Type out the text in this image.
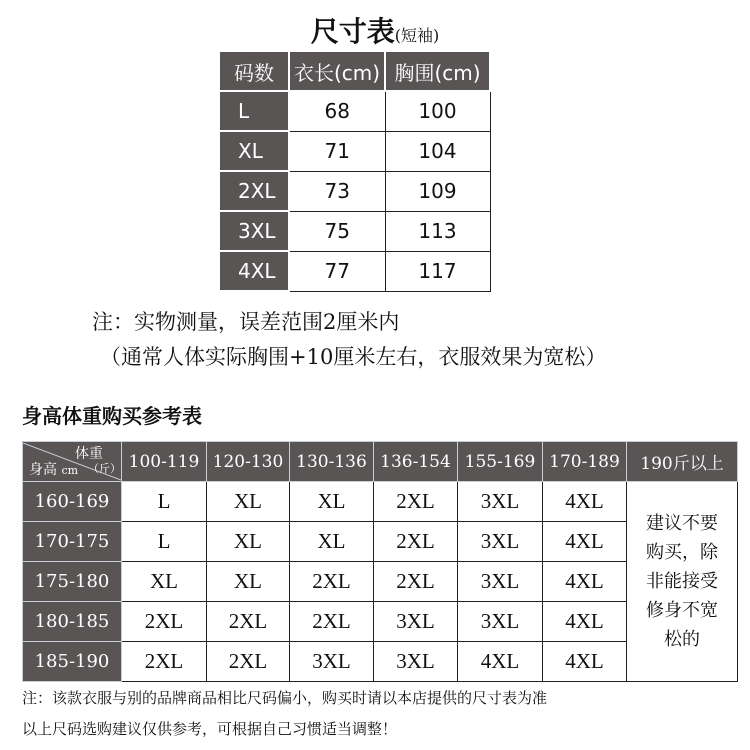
尺寸表(短袖)
码数	衣长(cm)	胸围(cm)
L	68	100
XL	71	104
2XL	73	109
3XL	75	113
4XL	77	117
注：实物测量，误差范围2厘米内
（通常人体实际胸围+10厘米左右，衣服效果为宽松）
身高体重购买参考表
体重
（斤）
身高 cm	100-119	120-130	130-136	136-154	155-169	170-189	190斤以上
160-169	L	XL	XL	2XL	3XL	4XL	建议不要购买，除非能接受修身不宽松的
170-175	L	XL	XL	2XL	3XL	4XL	
175-180	XL	XL	2XL	2XL	3XL	4XL	
180-185	2XL	2XL	2XL	3XL	3XL	4XL	
185-190	2XL	2XL	3XL	3XL	4XL	4XL	
注：该款衣服与别的品牌商品相比尺码偏小，购买时请以本店提供的尺寸表为准
以上尺码选购建议仅供参考，可根据自己习惯适当调整！
